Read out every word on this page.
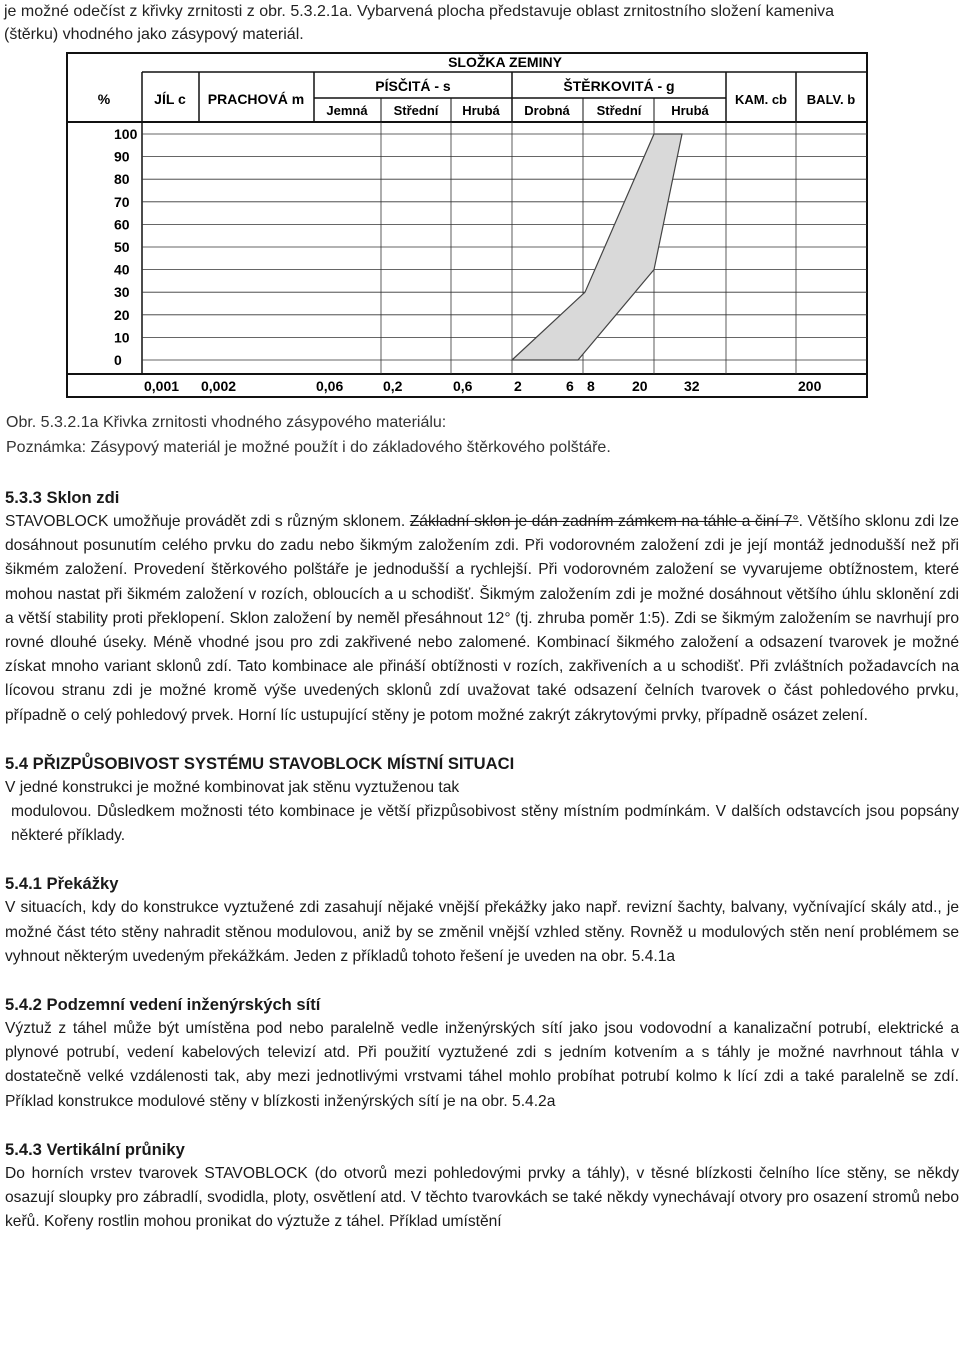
je možné odečíst z křivky zrnitosti z obr. 5.3.2.1a. Vybarvená plocha představuje oblast zrnitostního složení kameniva
(štěrku) vhodného jako zásypový materiál.
SLOŽKA ZEMINY
%	JÍL c PRACHOVÁ m
PÍSČITÁ - s	ŠTĚRKOVITÁ - g
Jemná Střední Hrubá Drobná Střední Hrubá
KAM. cb BALV. b
100
90
80
70
60
50
40
30
20
10
0
0,001 0,002	0,06	0,2	0,6	2	6 8	20	32	200
Obr. 5.3.2.1a Křivka zrnitosti vhodného zásypového materiálu:
Poznámka: Zásypový materiál je možné použít i do základového štěrkového polštáře.
5.3.3 Sklon zdi

STAVOBLOCK umožňuje provádět zdi s různým sklonem. Základní sklon je dán zadním zámkem na táhle a činí 7°. Většího sklonu zdi lze dosáhnout posunutím celého prvku do zadu nebo šikmým založením zdi. Při vodorovném založení zdi je její montáž jednodušší než při šikmém založení. Provedení štěrkového polštáře je jednodušší a rychlejší. Při vodorovném založení se vyvarujeme obtížnostem, které mohou nastat při šikmém založení v rozích, obloucích a u schodišť. Šikmým založením zdi je možné dosáhnout většího úhlu sklonění zdi a větší stability proti překlopení. Sklon založení by neměl přesáhnout 12° (tj. zhruba poměr 1:5). Zdi se šikmým založením se navrhují pro rovné dlouhé úseky. Méně vhodné jsou pro zdi zakřivené nebo zalomené. Kombinací šikmého založení a odsazení tvarovek je možné získat mnoho variant sklonů zdí. Tato kombinace ale přináší obtížnosti v rozích, zakřiveních a u schodišť. Při zvláštních požadavcích na lícovou stranu zdi je možné kromě výše uvedených sklonů zdí uvažovat také odsazení čelních tvarovek o část pohledového prvku, případně o celý pohledový prvek. Horní líc ustupující stěny je potom možné zakrýt zákrytovými prvky, případně osázet zelení.

5.4 PŘIZPŮSOBIVOST SYSTÉMU STAVOBLOCK MÍSTNÍ SITUACI

V jedné konstrukci je možné kombinovat jak stěnu vyztuženou tak

modulovou. Důsledkem možnosti této kombinace je větší přizpůsobivost stěny místním podmínkám. V dalších odstavcích jsou popsány některé příklady.

5.4.1 Překážky

V situacích, kdy do konstrukce vyztužené zdi zasahují nějaké vnější překážky jako např. revizní šachty, balvany, vyčnívající skály atd., je možné část této stěny nahradit stěnou modulovou, aniž by se změnil vnější vzhled stěny. Rovněž u modulových stěn není problémem se vyhnout některým uvedeným překážkám. Jeden z příkladů tohoto řešení je uveden na obr. 5.4.1a

5.4.2 Podzemní vedení inženýrských sítí

Výztuž z táhel může být umístěna pod nebo paralelně vedle inženýrských sítí jako jsou vodovodní a kanalizační potrubí, elektrické a plynové potrubí, vedení kabelových televizí atd. Při použití vyztužené zdi s jedním kotvením a s táhly je možné navrhnout táhla v dostatečně velké vzdálenosti tak, aby mezi jednotlivými vrstvami táhel mohlo probíhat potrubí kolmo k lící zdi a také paralelně se zdí. Příklad konstrukce modulové stěny v blízkosti inženýrských sítí je na obr. 5.4.2a

5.4.3 Vertikální průniky

Do horních vrstev tvarovek STAVOBLOCK (do otvorů mezi pohledovými prvky a táhly), v těsné blízkosti čelního líce stěny, se někdy osazují sloupky pro zábradlí, svodidla, ploty, osvětlení atd. V těchto tvarovkách se také někdy vynechávají otvory pro osazení stromů nebo keřů. Kořeny rostlin mohou pronikat do výztuže z táhel. Příklad umístění
